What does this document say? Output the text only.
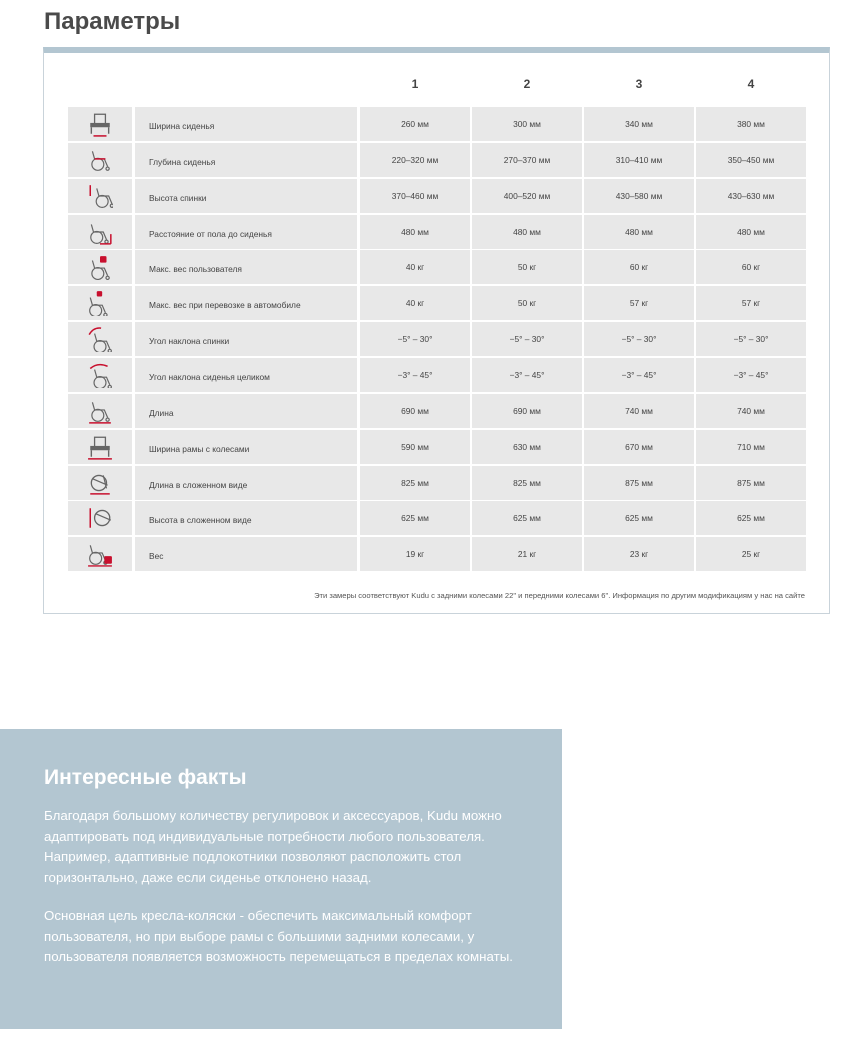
Параметры
1	2	3	4
Ширина сиденья	260 мм	300 мм	340 мм	380 мм
Глубина сиденья	220–320 мм	270–370 мм	310–410 мм	350–450 мм
Высота спинки	370–460 мм	400–520 мм	430–580 мм	430–630 мм
Расстояние от пола до сиденья	480 мм	480 мм	480 мм	480 мм
Макс. вес пользователя	40 кг	50 кг	60 кг	60 кг
Макс. вес при перевозке в автомобиле	40 кг	50 кг	57 кг	57 кг
Угол наклона спинки	−5° – 30°	−5° – 30°	−5° – 30°	−5° – 30°
Угол наклона сиденья целиком	−3° – 45°	−3° – 45°	−3° – 45°	−3° – 45°
Длина	690 мм	690 мм	740 мм	740 мм
Ширина рамы с колесами	590 мм	630 мм	670 мм	710 мм
Длина в сложенном виде	825 мм	825 мм	875 мм	875 мм
Высота в сложенном виде	625 мм	625 мм	625 мм	625 мм
Вес	19 кг	21 кг	23 кг	25 кг
Эти замеры соответствуют Kudu с задними колесами 22" и передними колесами 6". Информация по другим модификациям у нас на сайте
Интересные факты

Благодаря большому количеству регулировок и аксессуаров, Kudu можно адаптировать под индивидуальные потребности любого пользователя. Например, адаптивные подлокотники позволяют расположить стол горизонтально, даже если сиденье отклонено назад.

Основная цель кресла-коляски - обеспечить максимальный комфорт пользователя, но при выборе рамы с большими задними колесами, у пользователя появляется возможность перемещаться в пределах комнаты.
